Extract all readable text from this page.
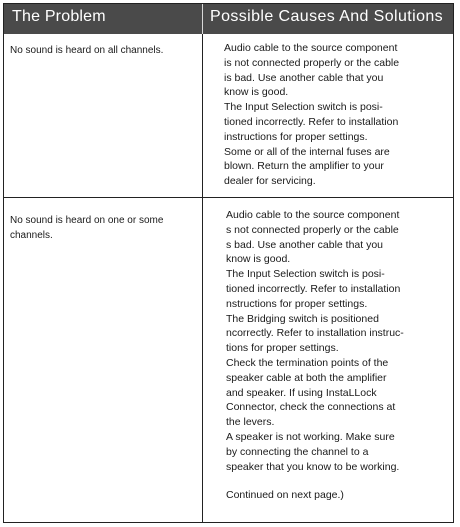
The Problem	Possible Causes And Solutions
No sound is heard on all channels.	Audio cable to the source component
is not connected properly or the cable
is bad. Use another cable that you
know is good.
The Input Selection switch is posi-
tioned incorrectly. Refer to installation
instructions for proper settings.
Some or all of the internal fuses are
blown. Return the amplifier to your
dealer for servicing.
No sound is heard on one or some
channels.
Audio cable to the source component
s not connected properly or the cable
s bad. Use another cable that you
know is good.
The Input Selection switch is posi-
tioned incorrectly. Refer to installation
nstructions for proper settings.
The Bridging switch is positioned
ncorrectly. Refer to installation instruc-
tions for proper settings.
Check the termination points of the
speaker cable at both the amplifier
and speaker. If using InstaLLock
Connector, check the connections at
the levers.
A speaker is not working. Make sure
by connecting the channel to a
speaker that you know to be working.
Continued on next page.)
